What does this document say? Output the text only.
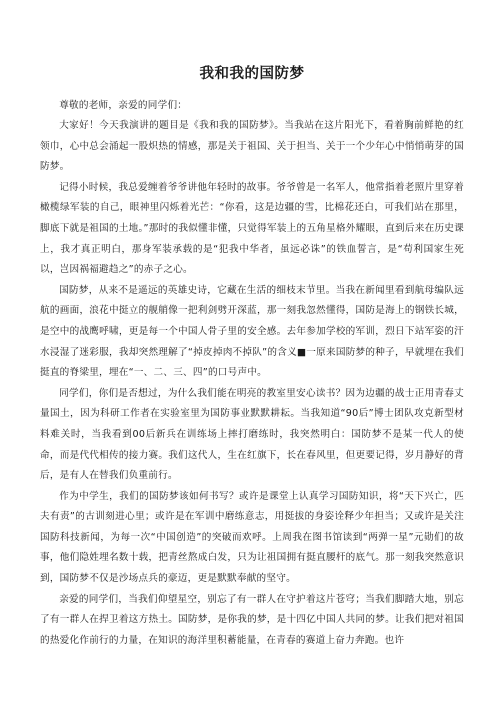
我和我的国防梦

尊敬的老师，亲爱的同学们：

大家好！今天我演讲的题目是《我和我的国防梦》。当我站在这片阳光下，看着胸前鲜艳的红领巾，心中总会涌起一股炽热的情感，那是关于祖国、关于担当、关于一个少年心中悄悄萌芽的国防梦。

记得小时候，我总爱缠着爷爷讲他年轻时的故事。爷爷曾是一名军人，他常指着老照片里穿着橄榄绿军装的自己，眼神里闪烁着光芒：“你看，这是边疆的雪，比棉花还白，可我们站在那里，脚底下就是祖国的土地。”那时的我似懂非懂，只觉得军装上的五角星格外耀眼，直到后来在历史课上，我才真正明白，那身军装承载的是“犯我中华者，虽远必诛”的铁血誓言，是“苟利国家生死以，岂因祸福避趋之”的赤子之心。

国防梦，从来不是遥远的英雄史诗，它藏在生活的细枝末节里。当我在新闻里看到航母编队远航的画面，浪花中挺立的舰艄像一把利剑劈开深蓝，那一刻我忽然懂得，国防是海上的钢铁长城，是空中的战鹰呼啸，更是每一个中国人骨子里的安全感。去年参加学校的军训，烈日下站军姿的汗水浸湿了迷彩服，我却突然理解了“掉皮掉肉不掉队”的含义■一原来国防梦的种子，早就埋在我们挺直的脊梁里，埋在“一、二、三、四”的口号声中。

同学们，你们是否想过，为什么我们能在明亮的教室里安心读书？因为边疆的战士正用青春丈量国土，因为科研工作者在实验室里为国防事业默默耕耘。当我知道“90后”博士团队攻克新型材料难关时，当我看到00后新兵在训练场上摔打磨练时，我突然明白：国防梦不是某一代人的使命，而是代代相传的接力赛。我们这代人，生在红旗下，长在春风里，但更要记得，岁月静好的背后，是有人在替我们负重前行。

作为中学生，我们的国防梦该如何书写？或许是课堂上认真学习国防知识，将“天下兴亡，匹夫有责”的古训刻进心里；或许是在军训中磨练意志，用挺拔的身姿诠释少年担当；又或许是关注国防科技新闻，为每一次“中国创造”的突破而欢呼。上周我在图书馆读到“两弹一星”元勋们的故事，他们隐姓埋名数十载，把青丝熬成白发，只为让祖国拥有挺直腰杆的底气。那一刻我突然意识到，国防梦不仅是沙场点兵的豪迈，更是默默奉献的坚守。

亲爱的同学们，当我们仰望星空，别忘了有一群人在守护着这片苍穹；当我们脚踏大地，别忘了有一群人在捍卫着这方热土。国防梦，是你我的梦，是十四亿中国人共同的梦。让我们把对祖国的热爱化作前行的力量，在知识的海洋里积蓄能量，在青春的赛道上奋力奔跑。也许
